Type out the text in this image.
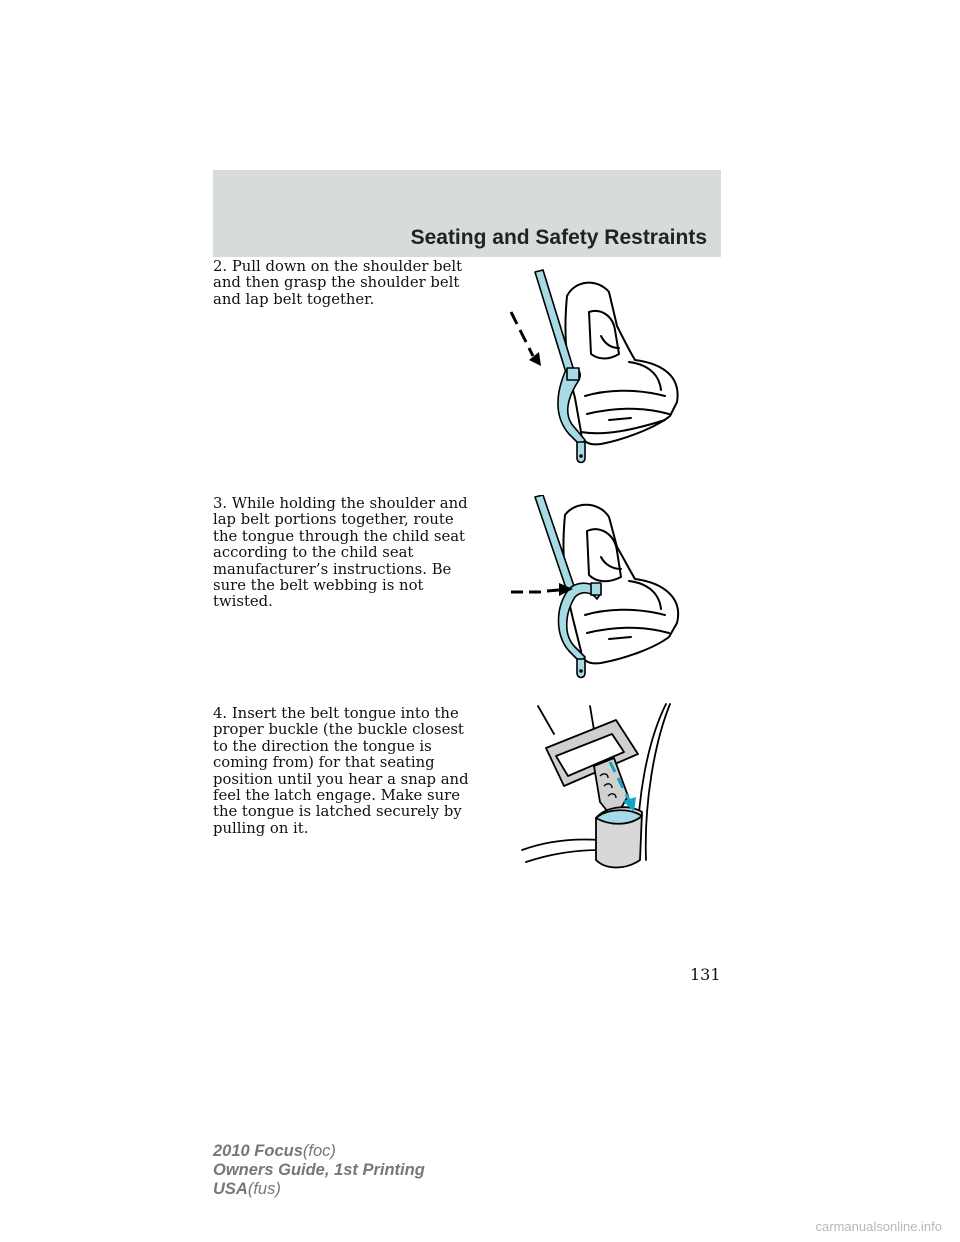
Seating and Safety Restraints

2. Pull down on the shoulder belt and then grasp the shoulder belt and lap belt together.

3. While holding the shoulder and lap belt portions together, route the tongue through the child seat according to the child seat manufacturer’s instructions. Be sure the belt webbing is not twisted.

4. Insert the belt tongue into the proper buckle (the buckle closest to the direction the tongue is coming from) for that seating position until you hear a snap and feel the latch engage. Make sure the tongue is latched securely by pulling on it.

131
2010 Focus(foc)
Owners Guide, 1st Printing
USA(fus)
carmanualsonline.info
